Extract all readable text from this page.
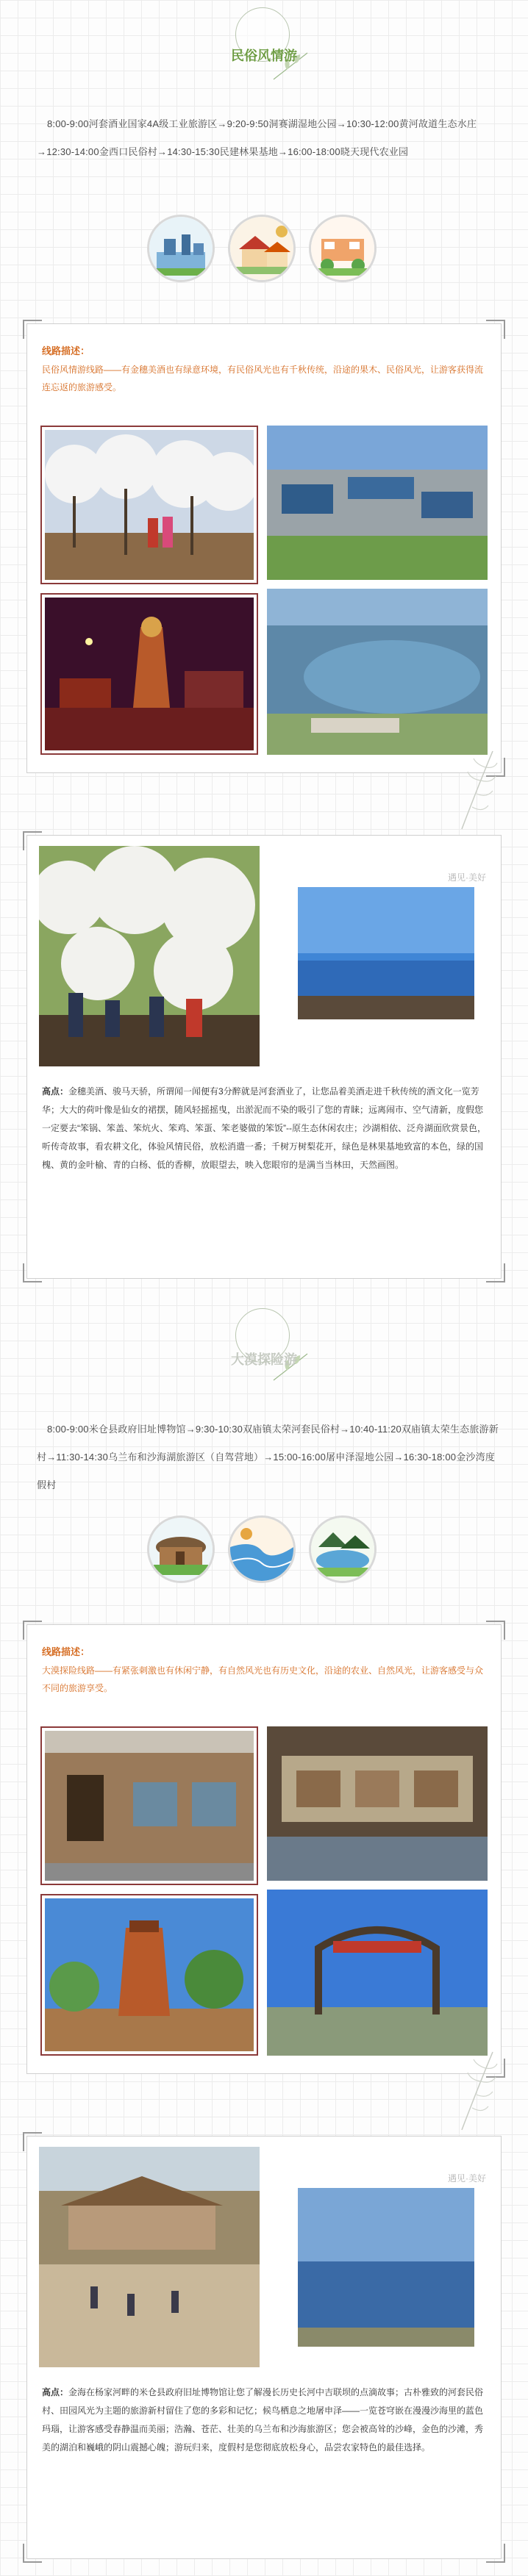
民俗风情游
8:00-9:00河套酒业国家4A级工业旅游区→9:20-9:50洞赛湖湿地公园→10:30-12:00黄河故道生态水庄→12:30-14:00金西口民俗村→14:30-15:30民建林果基地→16:00-18:00晓天现代农业园
线路描述：
民俗风情游线路——有金穗美酒也有绿意环境，有民俗风光也有千秋传统，沿途的果木、民俗风光，让游客获得流连忘返的旅游感受。
遇见·美好
高点：金穗美酒、骏马天骄，所谓闻一闻便有3分醉就是河套酒业了，让您品着美酒走进千秋传统的酒文化一览芳华；大大的荷叶像是仙女的裙摆，随风轻摇摇曳，出淤泥而不染的吸引了您的青睐；远离闹市、空气清新，度假您一定要去“笨锅、笨盖、笨炕火、笨鸡、笨蛋、笨老婆做的笨饭”--原生态休闲农庄；沙湖相依、泛舟湖面欣赏景色，听传奇故事，看农耕文化，体验风情民俗，放松消遣一番；千树万树梨花开，绿色是林果基地致富的本色，绿的国槐、黄的金叶榆、青的白杨、低的香柳，放眼望去，映入您眼帘的是满当当林田，天然画图。
大漠探险游
8:00-9:00米仓县政府旧址博物馆→9:30-10:30双庙镇太荣河套民俗村→10:40-11:20双庙镇太荣生态旅游新村→11:30-14:30乌兰布和沙海湖旅游区（自驾营地）→15:00-16:00屠申泽湿地公园→16:30-18:00金沙湾度假村
线路描述：
大漠探险线路——有紧张刺激也有休闲宁静，有自然风光也有历史文化，沿途的农业、自然风光，让游客感受与众不同的旅游享受。
遇见·美好
高点：金海在杨家河畔的米仓县政府旧址博物馆让您了解漫长历史长河中吉联坝的点滴故事；古朴雅致的河套民俗村、田园风光为主题的旅游新村留住了您的多彩和记忆；候鸟栖息之地屠申泽——一览苍穹嵌在漫漫沙海里的蓝色玛瑙，让游客感受春静温而美丽；浩瀚、苍茫、壮美的乌兰布和沙海旅游区；您会被高耸的沙峰，金色的沙滩，秀美的湖泊和巍峨的阴山震撼心魄；游玩归来，度假村是您彻底放松身心，品尝农家特色的最佳选择。
